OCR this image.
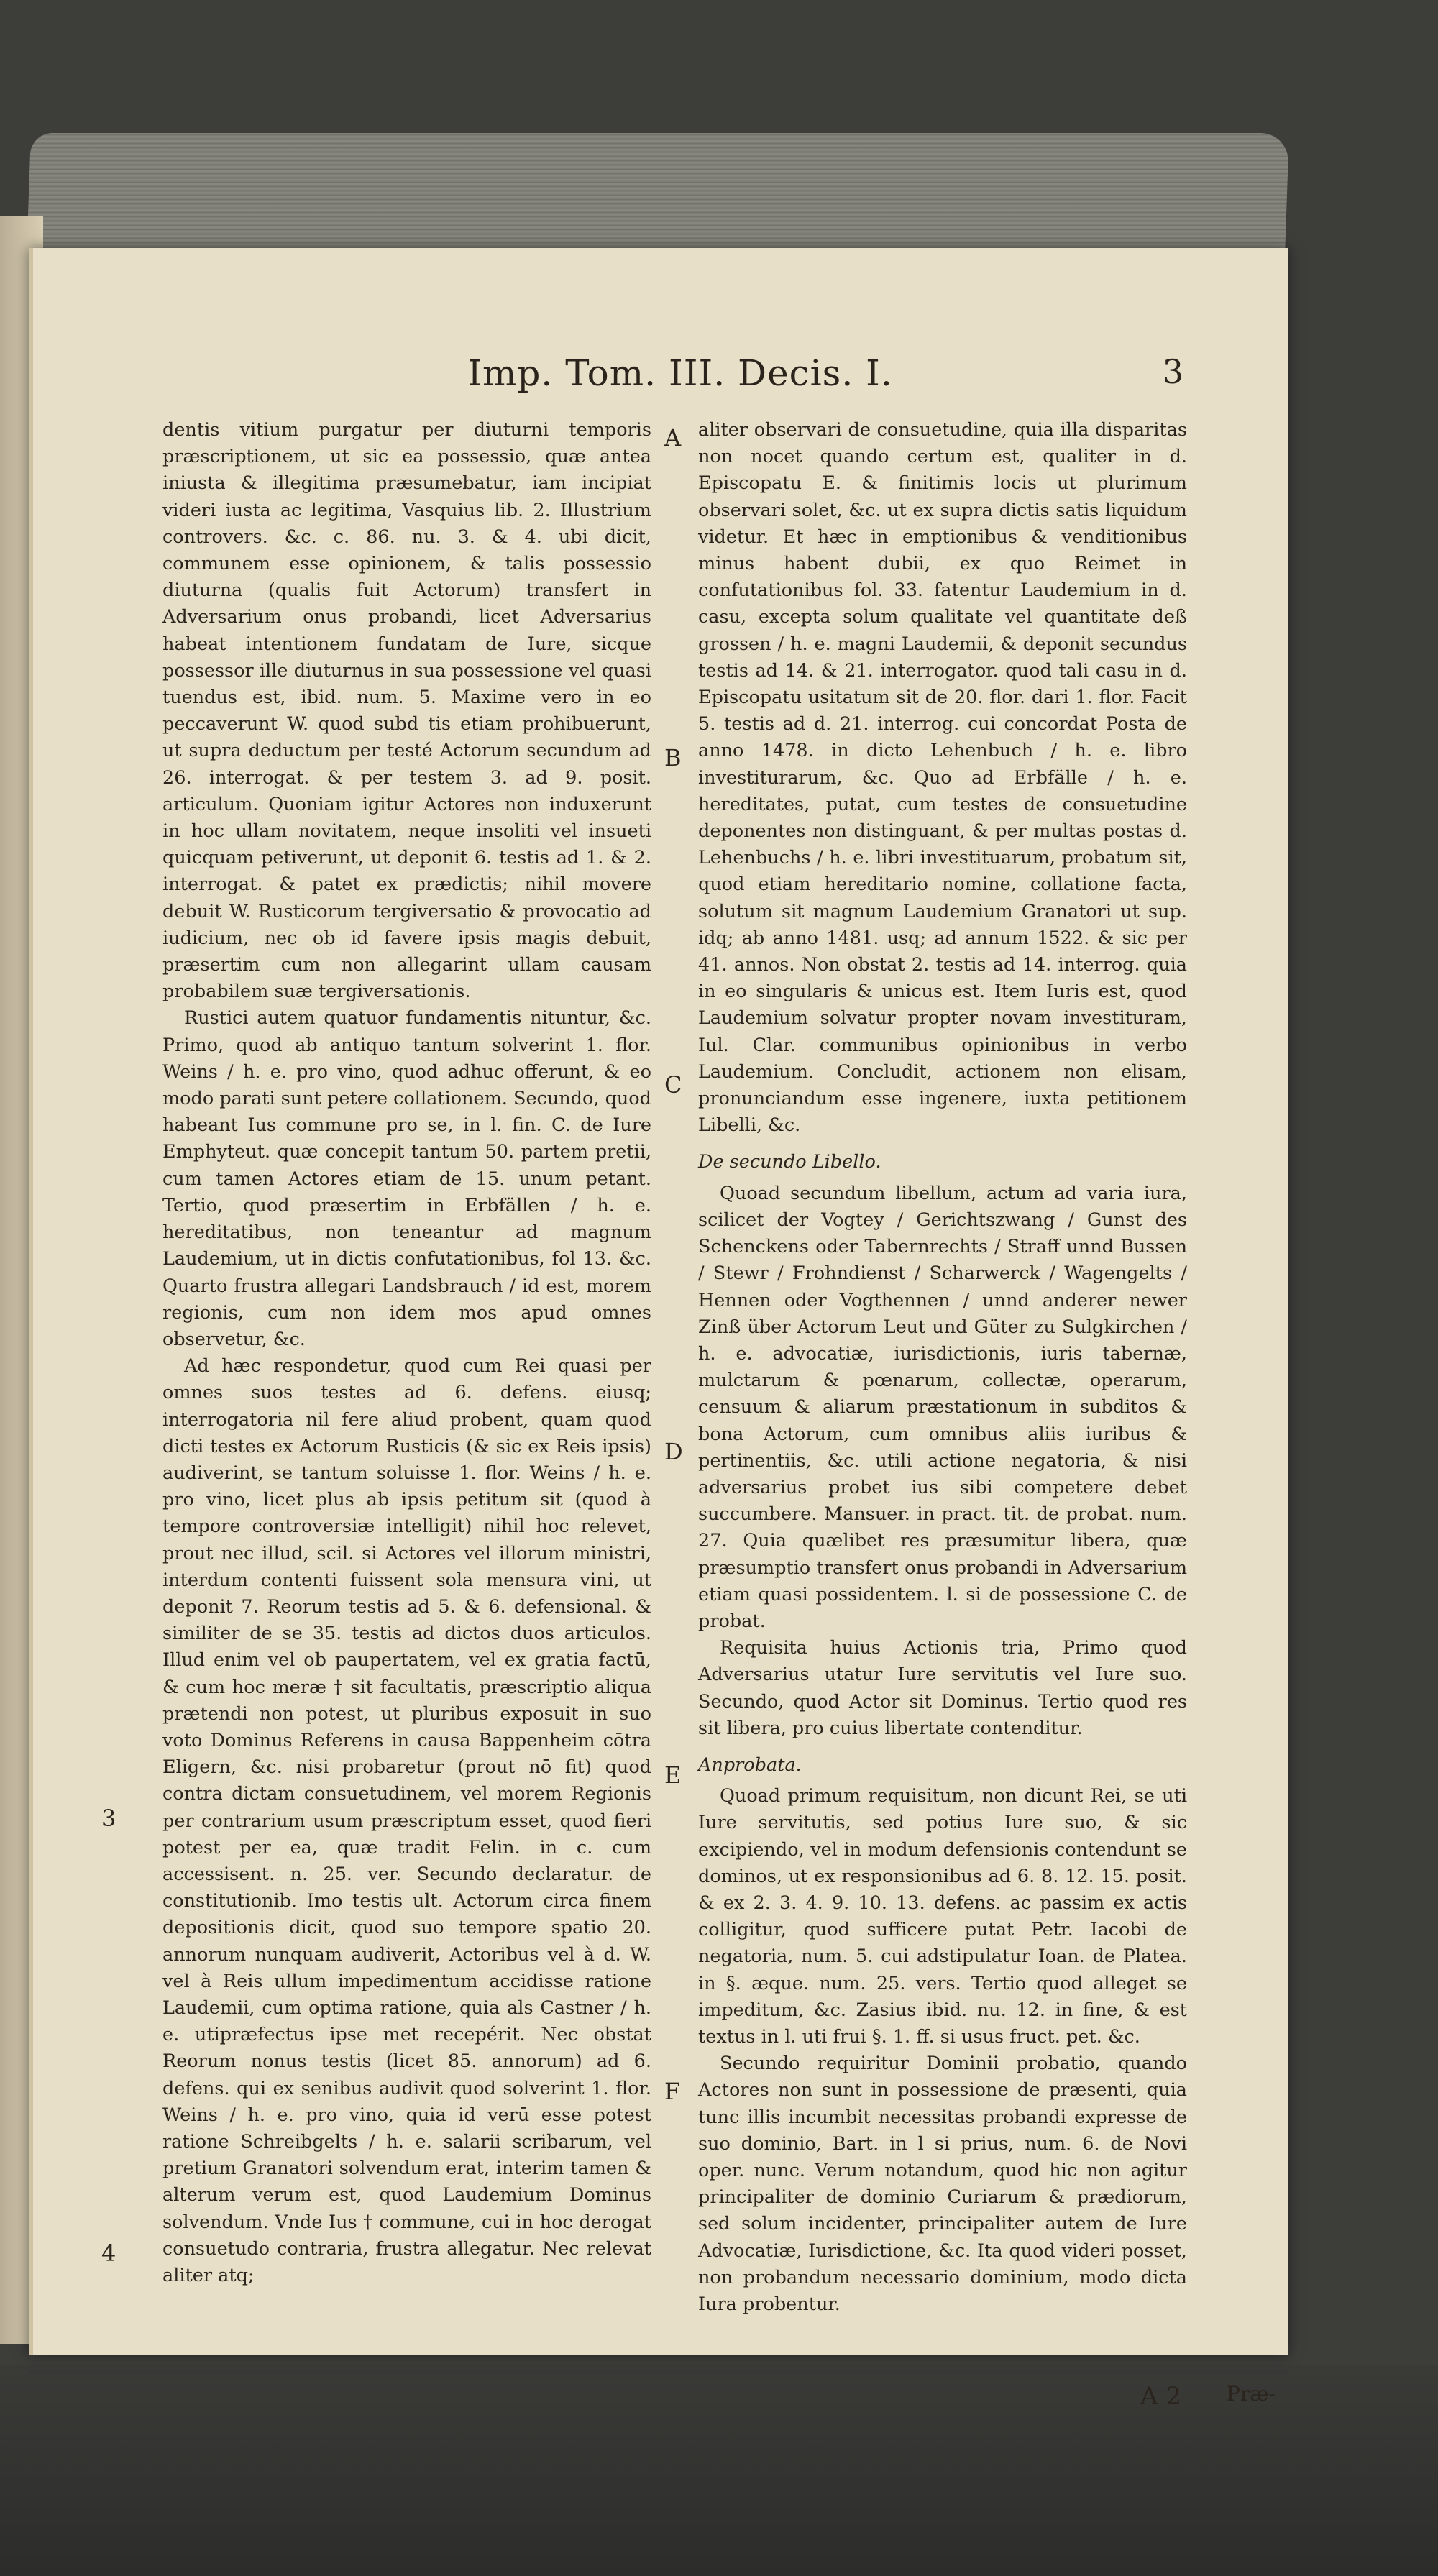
Imp. Tom. III. Decis. I.	3

dentis vitium purgatur per diuturni temporis præscriptionem, ut sic ea possessio, quæ antea iniusta & illegitima præsumebatur, iam incipiat videri iusta ac legitima, Vasquius lib. 2. Illustrium controvers. &c. c. 86. nu. 3. & 4. ubi dicit, communem esse opinionem, & talis possessio diuturna (qualis fuit Actorum) transfert in Adversarium onus probandi, licet Adversarius habeat intentionem fundatam de Iure, sicque possessor ille diuturnus in sua possessione vel quasi tuendus est, ibid. num. 5. Maxime vero in eo peccaverunt W. quod subd tis etiam prohibuerunt, ut supra deductum per testé Actorum secundum ad 26. interrogat. & per testem 3. ad 9. posit. articulum. Quoniam igitur Actores non induxerunt in hoc ullam novitatem, neque insoliti vel insueti quicquam petiverunt, ut deponit 6. testis ad 1. & 2. interrogat. & patet ex prædictis; nihil movere debuit W. Rusticorum tergiversatio & provocatio ad iudicium, nec ob id favere ipsis magis debuit, præsertim cum non allegarint ullam causam probabilem suæ tergiversationis.

Rustici autem quatuor fundamentis nituntur, &c. Primo, quod ab antiquo tantum solverint 1. flor. Weins / h. e. pro vino, quod adhuc offerunt, & eo modo parati sunt petere collationem. Secundo, quod habeant Ius commune pro se, in l. fin. C. de Iure Emphyteut. quæ concepit tantum 50. partem pretii, cum tamen Actores etiam de 15. unum petant. Tertio, quod præsertim in Erbfällen / h. e. hereditatibus, non teneantur ad magnum Laudemium, ut in dictis confutationibus, fol 13. &c. Quarto frustra allegari Landsbrauch / id est, morem regionis, cum non idem mos apud omnes observetur, &c.

Ad hæc respondetur, quod cum Rei quasi per omnes suos testes ad 6. defens. eiusq; interrogatoria nil fere aliud probent, quam quod dicti testes ex Actorum Rusticis (& sic ex Reis ipsis) audiverint, se tantum soluisse 1. flor. Weins / h. e. pro vino, licet plus ab ipsis petitum sit (quod à tempore controversiæ intelligit) nihil hoc relevet, prout nec illud, scil. si Actores vel illorum ministri, interdum contenti fuissent sola mensura vini, ut deponit 7. Reorum testis ad 5. & 6. defensional. & similiter de se 35. testis ad dictos duos articulos. Illud enim vel ob paupertatem, vel ex gratia factū, & cum hoc meræ † sit facultatis, præscriptio aliqua prætendi non potest, ut pluribus exposuit in suo voto Dominus Referens in causa Bappenheim cōtra Eligern, &c. nisi probaretur (prout nō fit) quod contra dictam consuetudinem, vel morem Regionis per contrarium usum præscriptum esset, quod fieri potest per ea, quæ tradit Felin. in c. cum accessisent. n. 25. ver. Secundo declaratur. de constitutionib. Imo testis ult. Actorum circa finem depositionis dicit, quod suo tempore spatio 20. annorum nunquam audiverit, Actoribus vel à d. W. vel à Reis ullum impedimentum accidisse ratione Laudemii, cum optima ratione, quia als Castner / h. e. utipræfectus ipse met recepérit. Nec obstat Reorum nonus testis (licet 85. annorum) ad 6. defens. qui ex senibus audivit quod solverint 1. flor. Weins / h. e. pro vino, quia id verū esse potest ratione Schreibgelts / h. e. salarii scribarum, vel pretium Granatori solvendum erat, interim tamen & alterum verum est, quod Laudemium Dominus solvendum. Vnde Ius † commune, cui in hoc derogat consuetudo contraria, frustra allegatur. Nec relevat aliter atq;

A
B
C
D
E
F

aliter observari de consuetudine, quia illa disparitas non nocet quando certum est, qualiter in d. Episcopatu E. & finitimis locis ut plurimum observari solet, &c. ut ex supra dictis satis liquidum videtur. Et hæc in emptionibus & venditionibus minus habent dubii, ex quo Reimet in confutationibus fol. 33. fatentur Laudemium in d. casu, excepta solum qualitate vel quantitate deß grossen / h. e. magni Laudemii, & deponit secundus testis ad 14. & 21. interrogator. quod tali casu in d. Episcopatu usitatum sit de 20. flor. dari 1. flor. Facit 5. testis ad d. 21. interrog. cui concordat Posta de anno 1478. in dicto Lehenbuch / h. e. libro investiturarum, &c. Quo ad Erbfälle / h. e. hereditates, putat, cum testes de consuetudine deponentes non distinguant, & per multas postas d. Lehenbuchs / h. e. libri investituarum, probatum sit, quod etiam hereditario nomine, collatione facta, solutum sit magnum Laudemium Granatori ut sup. idq; ab anno 1481. usq; ad annum 1522. & sic per 41. annos. Non obstat 2. testis ad 14. interrog. quia in eo singularis & unicus est. Item Iuris est, quod Laudemium solvatur propter novam investituram, Iul. Clar. communibus opinionibus in verbo Laudemium. Concludit, actionem non elisam, pronunciandum esse ingenere, iuxta petitionem Libelli, &c.

De secundo Libello.

Quoad secundum libellum, actum ad varia iura, scilicet der Vogtey / Gerichtszwang / Gunst des Schenckens oder Tabernrechts / Straff unnd Bussen / Stewr / Frohndienst / Scharwerck / Wagengelts / Hennen oder Vogthennen / unnd anderer newer Zinß über Actorum Leut und Güter zu Sulgkirchen / h. e. advocatiæ, iurisdictionis, iuris tabernæ, mulctarum & pœnarum, collectæ, operarum, censuum & aliarum præstationum in subditos & bona Actorum, cum omnibus aliis iuribus & pertinentiis, &c. utili actione negatoria, & nisi adversarius probet ius sibi competere debet succumbere. Mansuer. in pract. tit. de probat. num. 27. Quia quælibet res præsumitur libera, quæ præsumptio transfert onus probandi in Adversarium etiam quasi possidentem. l. si de possessione C. de probat.

Requisita huius Actionis tria, Primo quod Adversarius utatur Iure servitutis vel Iure suo. Secundo, quod Actor sit Dominus. Tertio quod res sit libera, pro cuius libertate contenditur.

Anprobata.

Quoad primum requisitum, non dicunt Rei, se uti Iure servitutis, sed potius Iure suo, & sic excipiendo, vel in modum defensionis contendunt se dominos, ut ex responsionibus ad 6. 8. 12. 15. posit. & ex 2. 3. 4. 9. 10. 13. defens. ac passim ex actis colligitur, quod sufficere putat Petr. Iacobi de negatoria, num. 5. cui adstipulatur Ioan. de Platea. in §. æque. num. 25. vers. Tertio quod alleget se impeditum, &c. Zasius ibid. nu. 12. in fine, & est textus in l. uti frui §. 1. ff. si usus fruct. pet. &c.

Secundo requiritur Dominii probatio, quando Actores non sunt in possessione de præsenti, quia tunc illis incumbit necessitas probandi expresse de suo dominio, Bart. in l si prius, num. 6. de Novi oper. nunc. Verum notandum, quod hic non agitur principaliter de dominio Curiarum & prædiorum, sed solum incidenter, principaliter autem de Iure Advocatiæ, Iurisdictione, &c. Ita quod videri posset, non probandum necessario dominium, modo dicta Iura probentur.

3
4
A 2 Præ-
